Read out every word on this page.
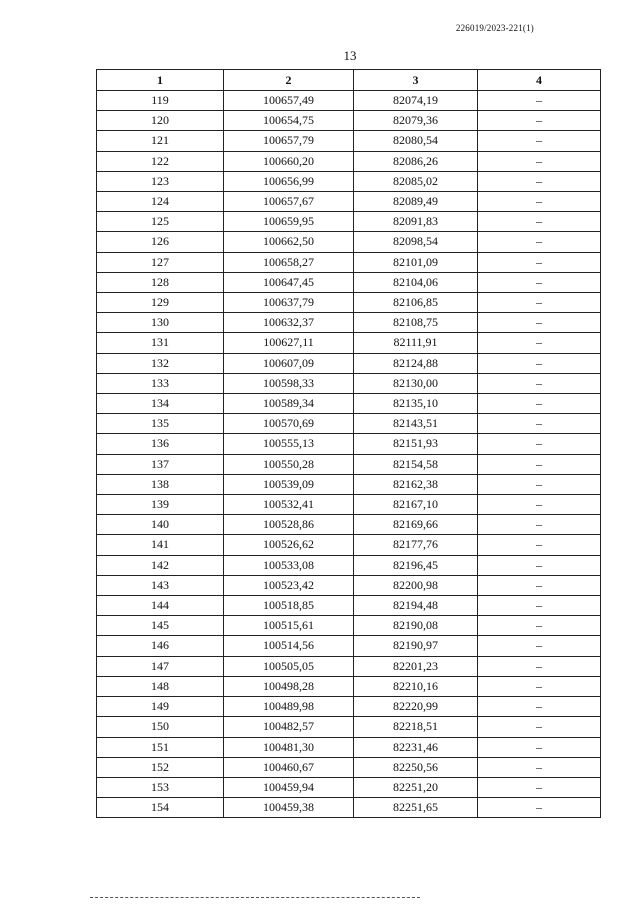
226019/2023-221(1)
13
1	2	3	4
119	100657,49	82074,19	–
120	100654,75	82079,36	–
121	100657,79	82080,54	–
122	100660,20	82086,26	–
123	100656,99	82085,02	–
124	100657,67	82089,49	–
125	100659,95	82091,83	–
126	100662,50	82098,54	–
127	100658,27	82101,09	–
128	100647,45	82104,06	–
129	100637,79	82106,85	–
130	100632,37	82108,75	–
131	100627,11	82111,91	–
132	100607,09	82124,88	–
133	100598,33	82130,00	–
134	100589,34	82135,10	–
135	100570,69	82143,51	–
136	100555,13	82151,93	–
137	100550,28	82154,58	–
138	100539,09	82162,38	–
139	100532,41	82167,10	–
140	100528,86	82169,66	–
141	100526,62	82177,76	–
142	100533,08	82196,45	–
143	100523,42	82200,98	–
144	100518,85	82194,48	–
145	100515,61	82190,08	–
146	100514,56	82190,97	–
147	100505,05	82201,23	–
148	100498,28	82210,16	–
149	100489,98	82220,99	–
150	100482,57	82218,51	–
151	100481,30	82231,46	–
152	100460,67	82250,56	–
153	100459,94	82251,20	–
154	100459,38	82251,65	–
